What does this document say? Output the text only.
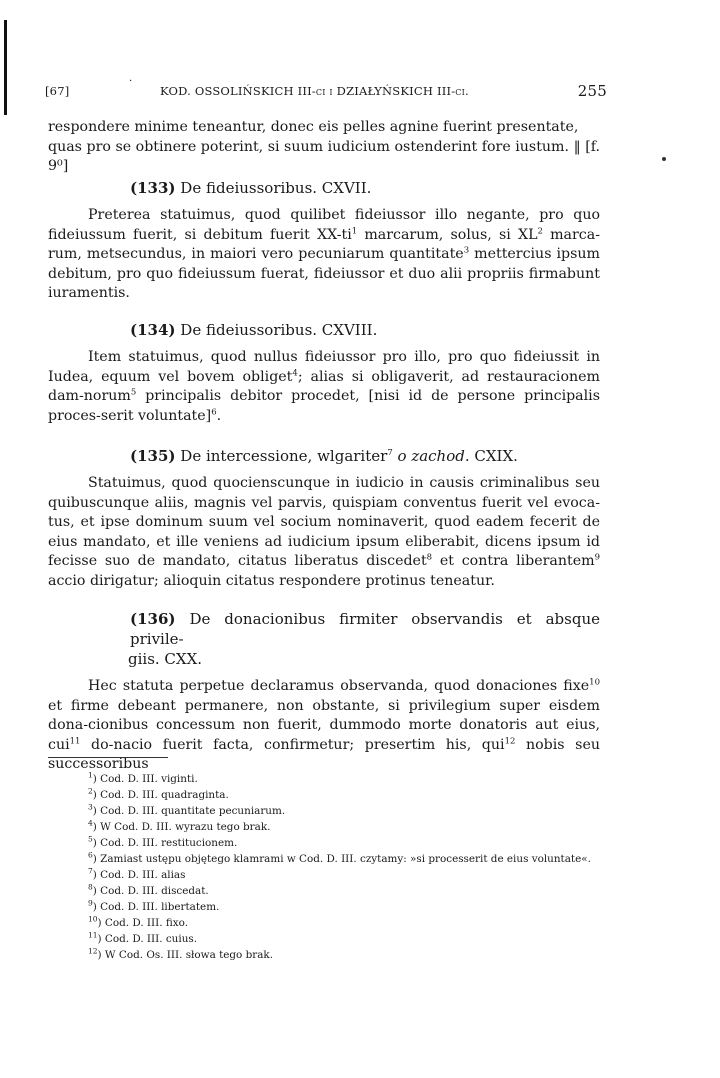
[67]
·
KOD. OSSOLIŃSKICH III-ci i DZIAŁYŃSKICH III-ci.	255

respondere minime teneantur, donec eis pelles agnine fuerint presentate,
quas pro se obtinere poterint, si suum iudicium ostenderint fore iustum. ‖ [f. 9⁰]

(133) De fideiussoribus. CXVII.

Preterea statuimus, quod quilibet fideiussor illo negante, pro quo fideiussum fuerit, si debitum fuerit $XX-ti^1$ marcarum, solus, si $XL^2$ marca-rum, metsecundus, in maiori vero pecuniarum quantitate$^3$ mettercius ipsum debitum, pro quo fideiussum fuerat, fideiussor et duo alii propriis firmabunt iuramentis.

(134) De fideiussoribus. CXVIII.

Item statuimus, quod nullus fideiussor pro illo, pro quo fideiussit in Iudea, equum vel bovem obliget$^4$; alias si obligaverit, ad restauracionem dam-norum$^5$ principalis debitor procedet, [nisi id de persone principalis proces-serit voluntate]$^6$.

(135) De intercessione, wlgariter$^7$ o zachod. CXIX.

Statuimus, quod quocienscunque in iudicio in causis criminalibus seu quibuscunque aliis, magnis vel parvis, quispiam conventus fuerit vel evoca-tus, et ipse dominum suum vel socium nominaverit, quod eadem fecerit de eius mandato, et ille veniens ad iudicium ipsum eliberabit, dicens ipsum id fecisse suo de mandato, citatus liberatus discedet$^8$ et contra liberantem$^9$ accio dirigatur; alioquin citatus respondere protinus teneatur.

(136) De donacionibus firmiter observandis et absque privile-
giis. CXX.

Hec statuta perpetue declaramus observanda, quod donaciones fixe$^{10}$ et firme debeant permanere, non obstante, si privilegium super eisdem dona-cionibus concessum non fuerit, dummodo morte donatoris aut eius, cui$^{11}$ do-nacio fuerit facta, confirmetur; presertim his, qui$^{12}$ nobis seu successoribus

$^1$) Cod. D. III. viginti.

$^2$) Cod. D. III. quadraginta.

$^3$) Cod. D. III. quantitate pecuniarum.

$^4$) W Cod. D. III. wyrazu tego brak.

$^5$) Cod. D. III. restitucionem.

$^6$) Zamiast ustępu objętego klamrami w Cod. D. III. czytamy: »si processerit de eius voluntate«.

$^7$) Cod. D. III. alias

$^8$) Cod. D. III. discedat.

$^9$) Cod. D. III. libertatem.

$^{10}$) Cod. D. III. fixo.

$^{11}$) Cod. D. III. cuius.

$^{12}$) W Cod. Os. III. słowa tego brak.
